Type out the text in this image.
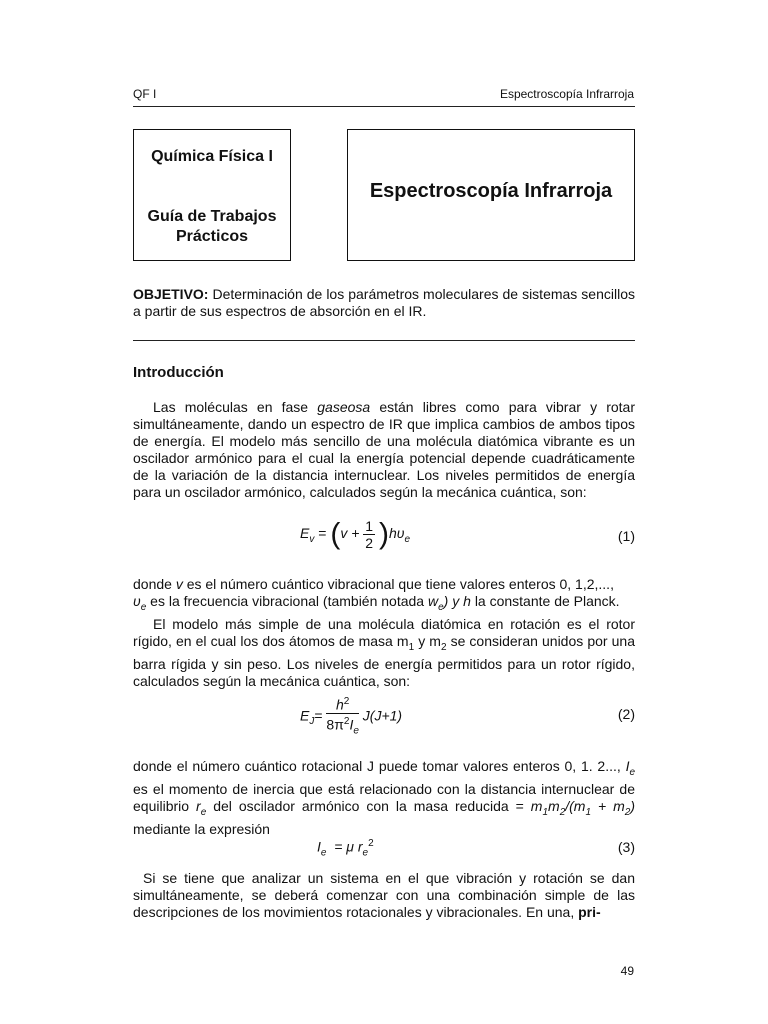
QF I	Espectroscopía Infrarroja
Química Física I
Guía de Trabajos
Prácticos
Espectroscopía Infrarroja
OBJETIVO: Determinación de los parámetros moleculares de sistemas sencillos a partir de sus espectros de absorción en el IR.
Introducción
Las moléculas en fase gaseosa están libres como para vibrar y rotar simultáneamente, dando un espectro de IR que implica cambios de ambos tipos de energía. El modelo más sencillo de una molécula diatómica vibrante es un oscilador armónico para el cual la energía potencial depende cuadráticamente de la variación de la distancia internuclear. Los niveles permitidos de energía para un oscilador armónico, calculados según la mecánica cuántica, son:
$E_v = (v + \frac{1}{2} )h\upsilon_e$	(1)
donde v es el número cuántico vibracional que tiene valores enteros 0, 1,2,...,
$\upsilon_e$ es la frecuencia vibracional (también notada $w_e$) y h la constante de Planck.
El modelo más simple de una molécula diatómica en rotación es el rotor rígido, en el cual los dos átomos de masa $m_1$ y $m_2$ se consideran unidos por una barra rígida y sin peso. Los niveles de energía permitidos para un rotor rígido, calculados según la mecánica cuántica, son:
$E_J= \frac{h^2}{8\pi^2I_e} J(J+1)$	(2)
donde el número cuántico rotacional J puede tomar valores enteros 0, 1. 2..., $I_e$ es el momento de inercia que está relacionado con la distancia internuclear de equilibrio $r_e$ del oscilador armónico con la masa reducida = $m_1m_2/(m_1 + m_2)$ mediante la expresión
$I_e = \mu$ $r_e^2$	(3)
Si se tiene que analizar un sistema en el que vibración y rotación se dan simultáneamente, se deberá comenzar con una combinación simple de las descripciones de los movimientos rotacionales y vibracionales. En una, pri-
49
